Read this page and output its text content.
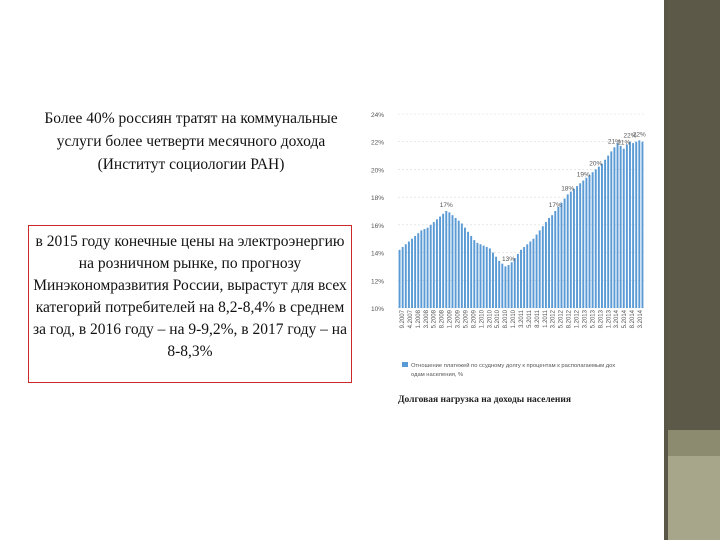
Более 40% россиян тратят на коммунальные услуги более четверти месячного дохода (Институт социологии РАН)
в 2015 году конечные цены на электроэнергию на розничном рынке, по прогнозу Минэкономразвития России, вырастут для всех категорий потребителей на 8,2-8,4% в среднем за год, в 2016 году – на 9-9,2%, в 2017 году – на 8-8,3%
10%
12%
14%
16%
18%
20%
22%
24%
17%
13%
17%
18%
19%
20%
21%
21%
22%
22%
9.2007 4.2007 1.2008 3.2008 5.2008 8.2008 1.2009 3.2009 5.2009 8.2009 1.2010 3.2010 5.2010 8.2010 1.2010 3.2011 5.2011 8.2011 1.2011 3.2012 5.2012 8.2012 1.2012 3.2013 5.2013 8.2013 1.2013 3.2014 5.2014 8.2014 3.2014
Отношение платежей по ссудному долгу к процентам к располагаемым дох
одам населения, %
Долговая нагрузка на доходы населения
